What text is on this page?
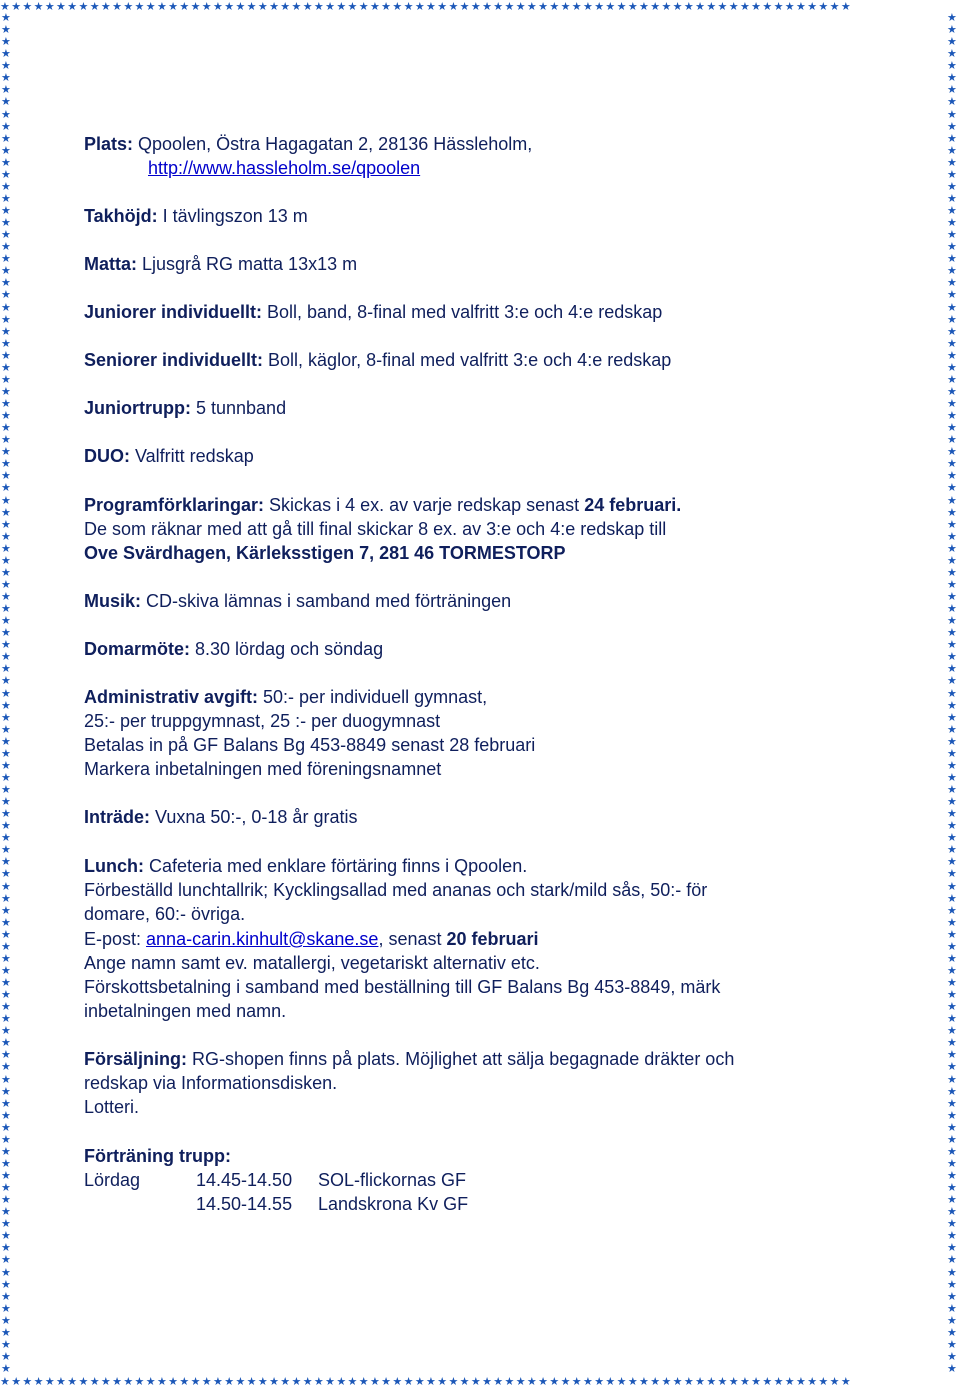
★★★★★★★★★★★★★★★★★★★★★★★★★★★★★★★★★★★★★★★★★★★★★★★★★★★★★★★★★★★★★★★★★★★★★★★★★★★★
★★★★★★★★★★★★★★★★★★★★★★★★★★★★★★★★★★★★★★★★★★★★★★★★★★★★★★★★★★★★★★★★★★★★★★★★★★★★
★★★★★★★★★★★★★★★★★★★★★★★★★★★★★★★★★★★★★★★★★★★★★★★★★★★★★★★★★★★★★★★★★★★★★★★★★★★★★★★★★★★★★★★★★★★★★★★★★★★★★★★★★★★★★★★★★
★★★★★★★★★★★★★★★★★★★★★★★★★★★★★★★★★★★★★★★★★★★★★★★★★★★★★★★★★★★★★★★★★★★★★★★★★★★★★★★★★★★★★★★★★★★★★★★★★★★★★★★★★★★★★★★★★
Plats: Qpoolen, Östra Hagagatan 2, 28136 Hässleholm,
http://www.hassleholm.se/qpoolen
Takhöjd: I tävlingszon 13 m
Matta: Ljusgrå RG matta 13x13 m
Juniorer individuellt: Boll, band, 8-final med valfritt 3:e och 4:e redskap
Seniorer individuellt: Boll, käglor, 8-final med valfritt 3:e och 4:e redskap
Juniortrupp: 5 tunnband
DUO: Valfritt redskap
Programförklaringar: Skickas i 4 ex. av varje redskap senast 24 februari.
De som räknar med att gå till final skickar 8 ex. av 3:e och 4:e redskap till
Ove Svärdhagen, Kärleksstigen 7, 281 46 TORMESTORP
Musik: CD-skiva lämnas i samband med förträningen
Domarmöte: 8.30 lördag och söndag
Administrativ avgift: 50:- per individuell gymnast,
25:- per truppgymnast, 25 :- per duogymnast
Betalas in på GF Balans Bg 453-8849 senast 28 februari
Markera inbetalningen med föreningsnamnet
Inträde: Vuxna 50:-, 0-18 år gratis
Lunch: Cafeteria med enklare förtäring finns i Qpoolen.
Förbeställd lunchtallrik; Kycklingsallad med ananas och stark/mild sås, 50:- för
domare, 60:- övriga.
E-post: anna-carin.kinhult@skane.se, senast 20 februari
Ange namn samt ev. matallergi, vegetariskt alternativ etc.
Förskottsbetalning i samband med beställning till GF Balans Bg 453-8849, märk
inbetalningen med namn.
Försäljning: RG-shopen finns på plats. Möjlighet att sälja begagnade dräkter och
redskap via Informationsdisken.
Lotteri.
Förträning trupp:
Lördag	14.45-14.50 SOL-flickornas GF
14.50-14.55 Landskrona Kv GF
